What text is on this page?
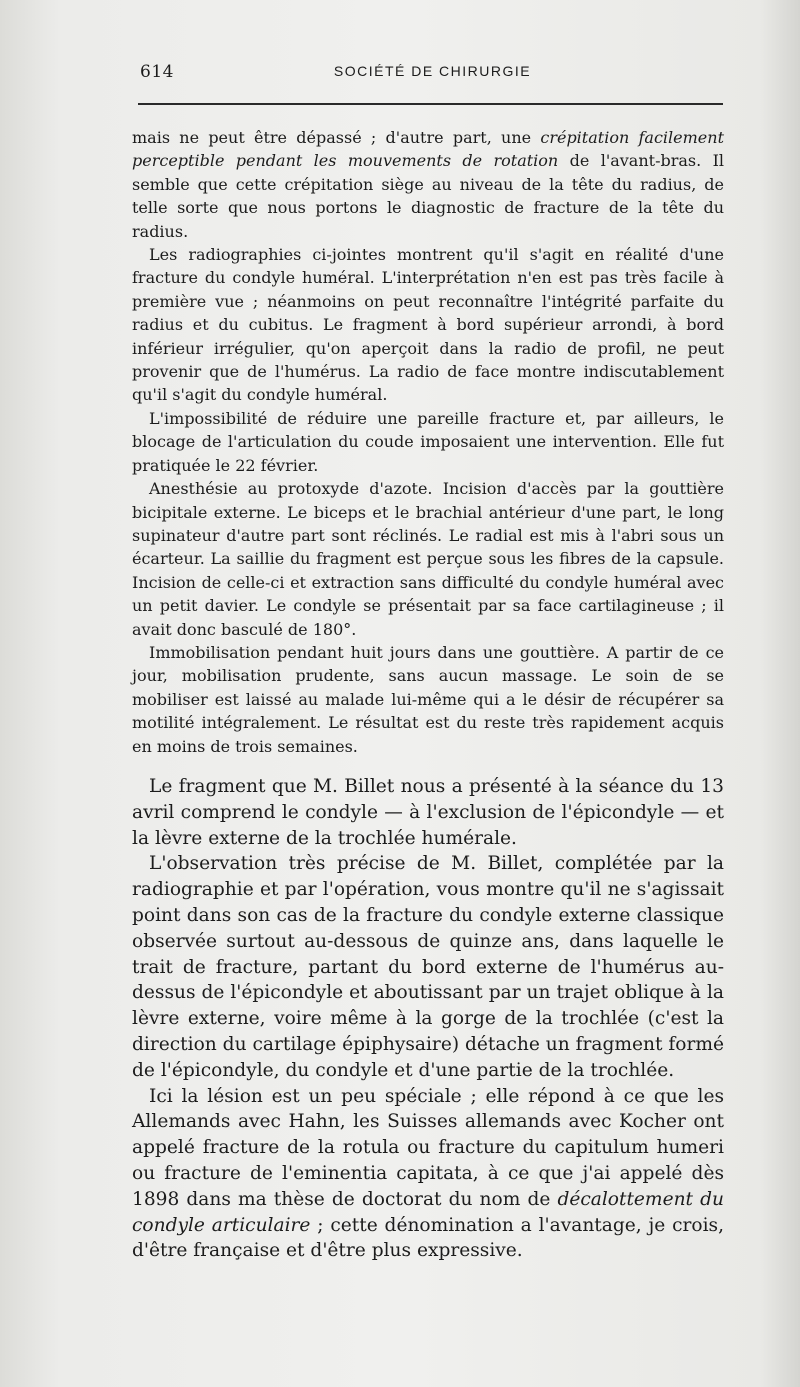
614	SOCIÉTÉ DE CHIRURGIE

mais ne peut être dépassé ; d'autre part, une crépitation facilement perceptible pendant les mouvements de rotation de l'avant-bras. Il semble que cette crépitation siège au niveau de la tête du radius, de telle sorte que nous portons le diagnostic de fracture de la tête du radius.

Les radiographies ci-jointes montrent qu'il s'agit en réalité d'une fracture du condyle huméral. L'interprétation n'en est pas très facile à première vue ; néanmoins on peut reconnaître l'intégrité parfaite du radius et du cubitus. Le fragment à bord supérieur arrondi, à bord inférieur irrégulier, qu'on aperçoit dans la radio de profil, ne peut provenir que de l'humérus. La radio de face montre indiscutablement qu'il s'agit du condyle huméral.

L'impossibilité de réduire une pareille fracture et, par ailleurs, le blocage de l'articulation du coude imposaient une intervention. Elle fut pratiquée le 22 février.

Anesthésie au protoxyde d'azote. Incision d'accès par la gouttière bicipitale externe. Le biceps et le brachial antérieur d'une part, le long supinateur d'autre part sont réclinés. Le radial est mis à l'abri sous un écarteur. La saillie du fragment est perçue sous les fibres de la capsule. Incision de celle-ci et extraction sans difficulté du condyle huméral avec un petit davier. Le condyle se présentait par sa face cartilagineuse ; il avait donc basculé de 180°.

Immobilisation pendant huit jours dans une gouttière. A partir de ce jour, mobilisation prudente, sans aucun massage. Le soin de se mobiliser est laissé au malade lui-même qui a le désir de récupérer sa motilité intégralement. Le résultat est du reste très rapidement acquis en moins de trois semaines.

Le fragment que M. Billet nous a présenté à la séance du 13 avril comprend le condyle — à l'exclusion de l'épicondyle — et la lèvre externe de la trochlée humérale.

L'observation très précise de M. Billet, complétée par la radiographie et par l'opération, vous montre qu'il ne s'agissait point dans son cas de la fracture du condyle externe classique observée surtout au-dessous de quinze ans, dans laquelle le trait de fracture, partant du bord externe de l'humérus au-dessus de l'épicondyle et aboutissant par un trajet oblique à la lèvre externe, voire même à la gorge de la trochlée (c'est la direction du cartilage épiphysaire) détache un fragment formé de l'épicondyle, du condyle et d'une partie de la trochlée.

Ici la lésion est un peu spéciale ; elle répond à ce que les Allemands avec Hahn, les Suisses allemands avec Kocher ont appelé fracture de la rotula ou fracture du capitulum humeri ou fracture de l'eminentia capitata, à ce que j'ai appelé dès 1898 dans ma thèse de doctorat du nom de décalottement du condyle articulaire ; cette dénomination a l'avantage, je crois, d'être française et d'être plus expressive.
